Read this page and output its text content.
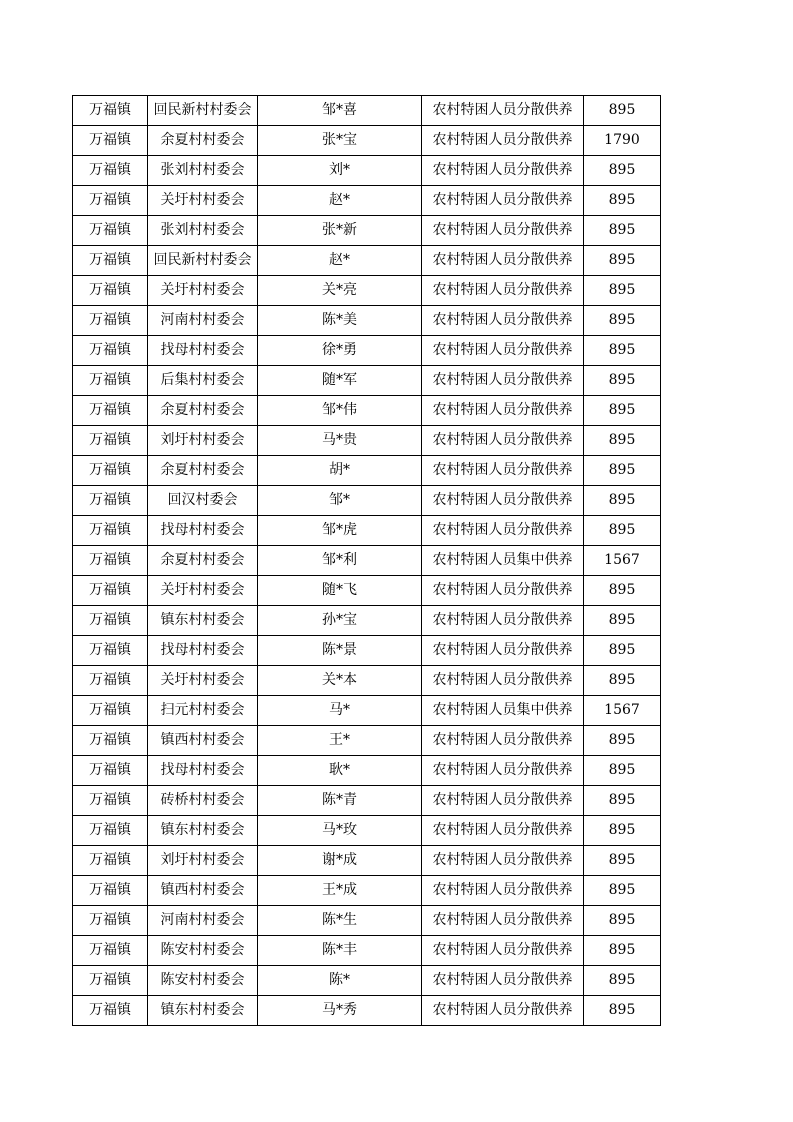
万福镇	回民新村村委会	邹*喜	农村特困人员分散供养	895
万福镇	余夏村村委会	张*宝	农村特困人员分散供养	1790
万福镇	张刘村村委会	刘*	农村特困人员分散供养	895
万福镇	关圩村村委会	赵*	农村特困人员分散供养	895
万福镇	张刘村村委会	张*新	农村特困人员分散供养	895
万福镇	回民新村村委会	赵*	农村特困人员分散供养	895
万福镇	关圩村村委会	关*亮	农村特困人员分散供养	895
万福镇	河南村村委会	陈*美	农村特困人员分散供养	895
万福镇	找母村村委会	徐*勇	农村特困人员分散供养	895
万福镇	后集村村委会	随*军	农村特困人员分散供养	895
万福镇	余夏村村委会	邹*伟	农村特困人员分散供养	895
万福镇	刘圩村村委会	马*贵	农村特困人员分散供养	895
万福镇	余夏村村委会	胡*	农村特困人员分散供养	895
万福镇	回汉村委会	邹*	农村特困人员分散供养	895
万福镇	找母村村委会	邹*虎	农村特困人员分散供养	895
万福镇	余夏村村委会	邹*利	农村特困人员集中供养	1567
万福镇	关圩村村委会	随*飞	农村特困人员分散供养	895
万福镇	镇东村村委会	孙*宝	农村特困人员分散供养	895
万福镇	找母村村委会	陈*景	农村特困人员分散供养	895
万福镇	关圩村村委会	关*本	农村特困人员分散供养	895
万福镇	扫元村村委会	马*	农村特困人员集中供养	1567
万福镇	镇西村村委会	王*	农村特困人员分散供养	895
万福镇	找母村村委会	耿*	农村特困人员分散供养	895
万福镇	砖桥村村委会	陈*青	农村特困人员分散供养	895
万福镇	镇东村村委会	马*玫	农村特困人员分散供养	895
万福镇	刘圩村村委会	谢*成	农村特困人员分散供养	895
万福镇	镇西村村委会	王*成	农村特困人员分散供养	895
万福镇	河南村村委会	陈*生	农村特困人员分散供养	895
万福镇	陈安村村委会	陈*丰	农村特困人员分散供养	895
万福镇	陈安村村委会	陈*	农村特困人员分散供养	895
万福镇	镇东村村委会	马*秀	农村特困人员分散供养	895
